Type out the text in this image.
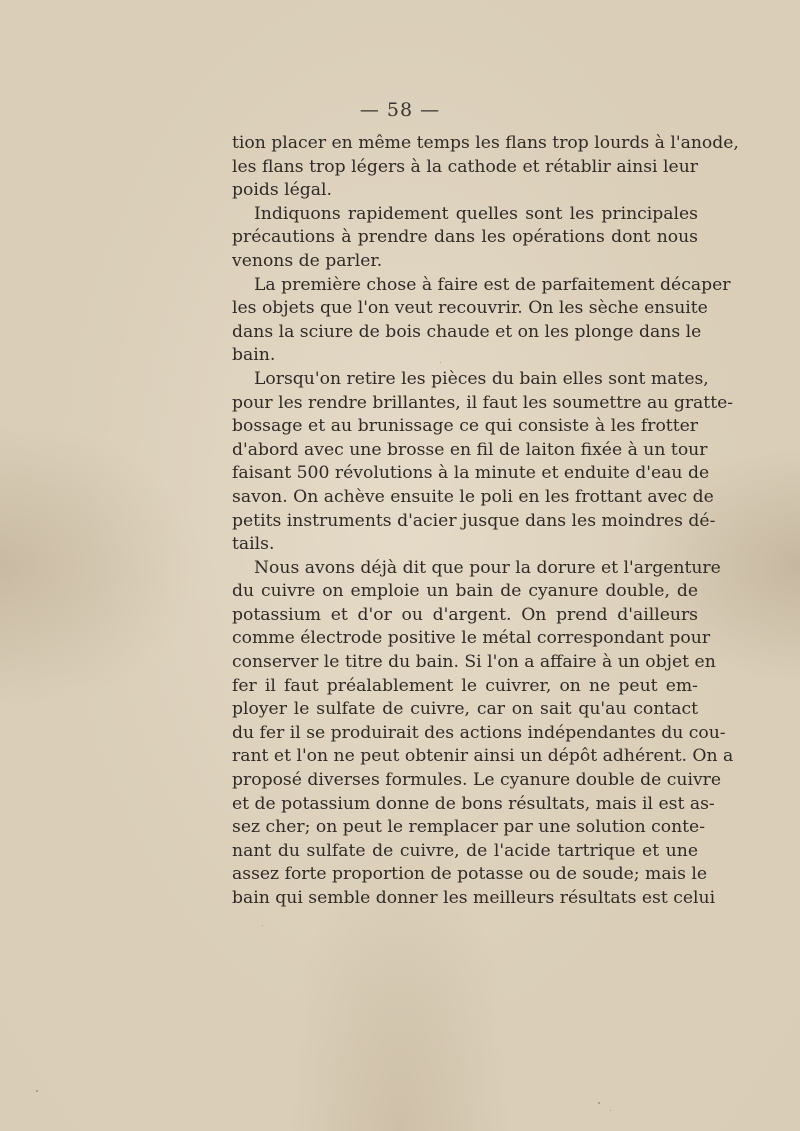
— 58 —
tion placer en même temps les flans trop lourds à l'anode,
les flans trop légers à la cathode et rétablir ainsi leur
poids légal.
Indiquons rapidement quelles sont les principales
précautions à prendre dans les opérations dont nous
venons de parler.
La première chose à faire est de parfaitement décaper
les objets que l'on veut recouvrir. On les sèche ensuite
dans la sciure de bois chaude et on les plonge dans le
bain.
Lorsqu'on retire les pièces du bain elles sont mates,
pour les rendre brillantes, il faut les soumettre au gratte-
bossage et au brunissage ce qui consiste à les frotter
d'abord avec une brosse en fil de laiton fixée à un tour
faisant 500 révolutions à la minute et enduite d'eau de
savon. On achève ensuite le poli en les frottant avec de
petits instruments d'acier jusque dans les moindres dé-
tails.
Nous avons déjà dit que pour la dorure et l'argenture
du cuivre on emploie un bain de cyanure double, de
potassium et d'or ou d'argent. On prend d'ailleurs
comme électrode positive le métal correspondant pour
conserver le titre du bain. Si l'on a affaire à un objet en
fer il faut préalablement le cuivrer, on ne peut em-
ployer le sulfate de cuivre, car on sait qu'au contact
du fer il se produirait des actions indépendantes du cou-
rant et l'on ne peut obtenir ainsi un dépôt adhérent. On a
proposé diverses formules. Le cyanure double de cuivre
et de potassium donne de bons résultats, mais il est as-
sez cher; on peut le remplacer par une solution conte-
nant du sulfate de cuivre, de l'acide tartrique et une
assez forte proportion de potasse ou de soude; mais le
bain qui semble donner les meilleurs résultats est celui
